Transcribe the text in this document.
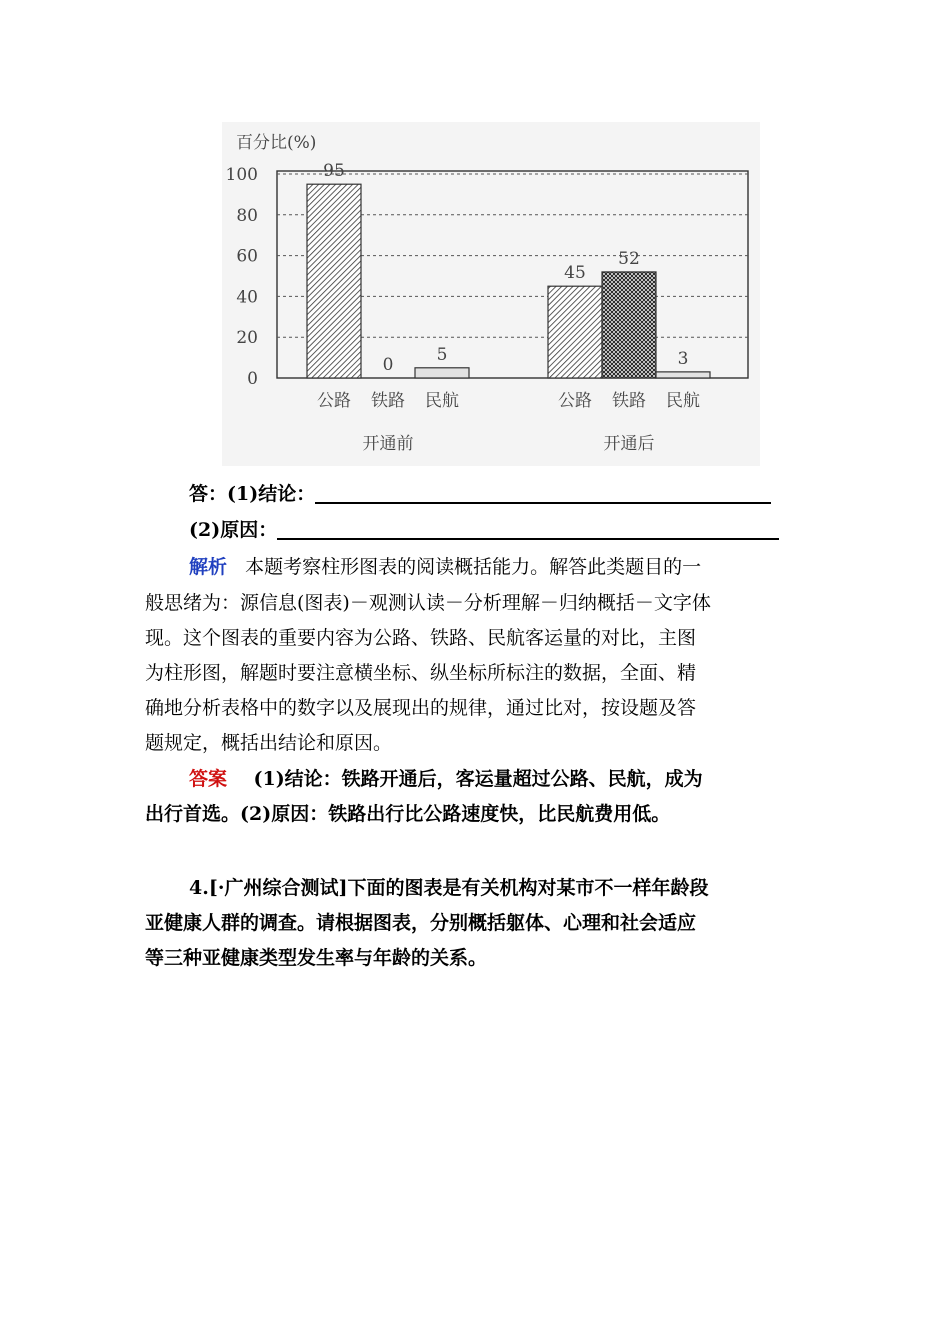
0
20
40
60
80
100	95
公路
0
铁路
5
民航
开通前
45
公路
52
铁路
3
民航
开通后
百分比(%)
答：(1)结论：
(2)原因：
解析 本题考察柱形图表的阅读概括能力。解答此类题目的一
般思绪为：源信息(图表)－观测认读－分析理解－归纳概括－文字体
现。这个图表的重要内容为公路、铁路、民航客运量的对比，主图
为柱形图，解题时要注意横坐标、纵坐标所标注的数据，全面、精
确地分析表格中的数字以及展现出的规律，通过比对，按设题及答
题规定，概括出结论和原因。
答案 (1)结论：铁路开通后，客运量超过公路、民航，成为
出行首选。(2)原因：铁路出行比公路速度快，比民航费用低。
4.[·广州综合测试]下面的图表是有关机构对某市不一样年龄段
亚健康人群的调查。请根据图表，分别概括躯体、心理和社会适应
等三种亚健康类型发生率与年龄的关系。
